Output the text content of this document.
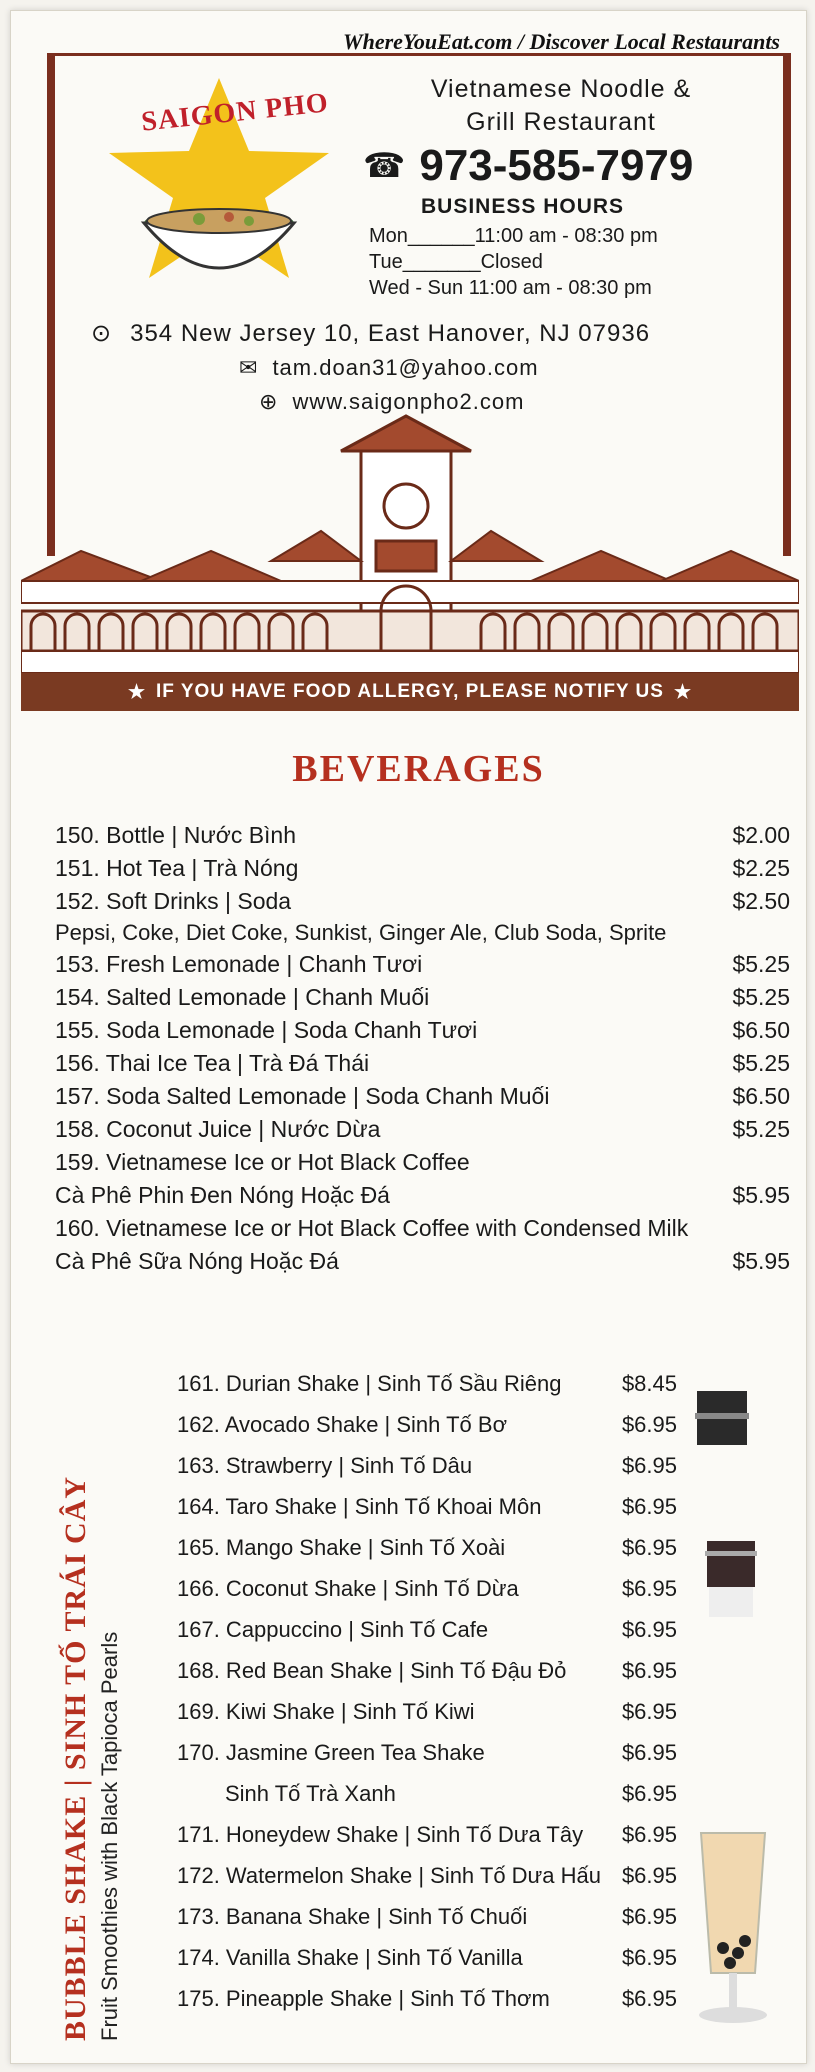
WhereYouEat.com / Discover Local Restaurants
SAIGON PHO	Vietnamese Noodle &
Grill Restaurant
☎ 973-585-7979
BUSINESS HOURS
Mon______11:00 am - 08:30 pm
Tue_______Closed
Wed - Sun 11:00 am - 08:30 pm
⊙ 354 New Jersey 10, East Hanover, NJ 07936
✉ tam.doan31@yahoo.com
⊕ www.saigonpho2.com
★ IF YOU HAVE FOOD ALLERGY, PLEASE NOTIFY US ★
BEVERAGES
150. Bottle | Nước Bình	$2.00
151. Hot Tea | Trà Nóng	$2.25
152. Soft Drinks | Soda	$2.50
Pepsi, Coke, Diet Coke, Sunkist, Ginger Ale, Club Soda, Sprite
153. Fresh Lemonade | Chanh Tươi	$5.25
154. Salted Lemonade | Chanh Muối	$5.25
155. Soda Lemonade | Soda Chanh Tươi	$6.50
156. Thai Ice Tea | Trà Đá Thái	$5.25
157. Soda Salted Lemonade | Soda Chanh Muối	$6.50
158. Coconut Juice | Nước Dừa	$5.25
159. Vietnamese Ice or Hot Black Coffee
Cà Phê Phin Đen Nóng Hoặc Đá	$5.95
160. Vietnamese Ice or Hot Black Coffee with Condensed Milk
Cà Phê Sữa Nóng Hoặc Đá	$5.95
BUBBLE SHAKE | SINH TỐ TRÁI CÂY Fruit Smoothies with Black Tapioca Pearls
161. Durian Shake | Sinh Tố Sầu Riêng	$8.45
162. Avocado Shake | Sinh Tố Bơ	$6.95
163. Strawberry | Sinh Tố Dâu	$6.95
164. Taro Shake | Sinh Tố Khoai Môn	$6.95
165. Mango Shake | Sinh Tố Xoài	$6.95
166. Coconut Shake | Sinh Tố Dừa	$6.95
167. Cappuccino | Sinh Tố Cafe	$6.95
168. Red Bean Shake | Sinh Tố Đậu Đỏ	$6.95
169. Kiwi Shake | Sinh Tố Kiwi	$6.95
170. Jasmine Green Tea Shake	$6.95
Sinh Tố Trà Xanh	$6.95
171. Honeydew Shake | Sinh Tố Dưa Tây $6.95
172. Watermelon Shake | Sinh Tố Dưa Hấu $6.95
173. Banana Shake | Sinh Tố Chuối	$6.95
174. Vanilla Shake | Sinh Tố Vanilla	$6.95
175. Pineapple Shake | Sinh Tố Thơm	$6.95
